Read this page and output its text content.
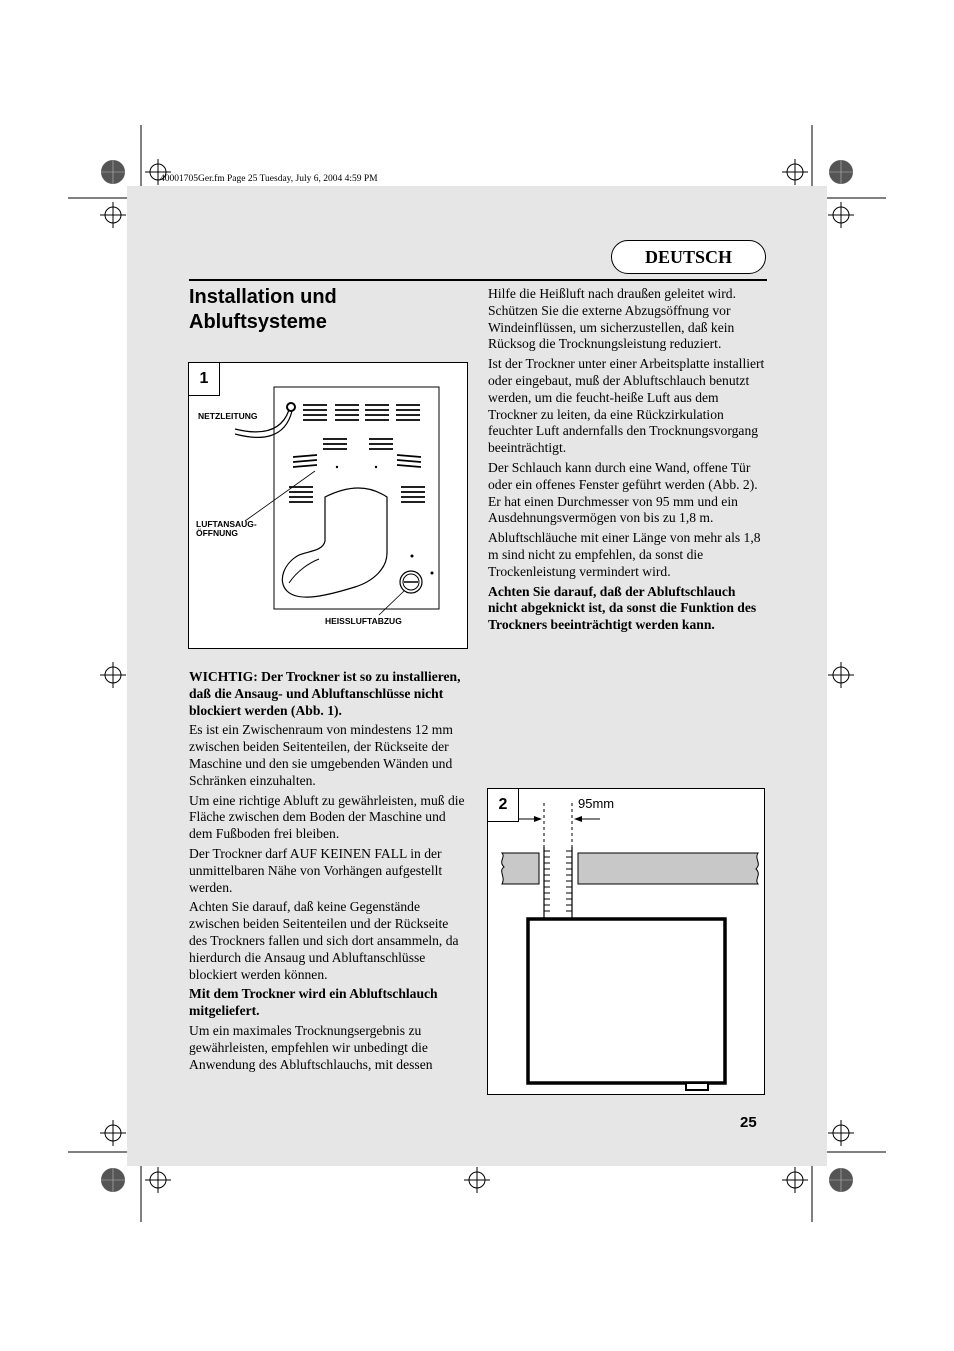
40001705Ger.fm Page 25 Tuesday, July 6, 2004 4:59 PM
DEUTSCH
Installation und Abluftsysteme
1
NETZLEITUNG
LUFTANSAUG-
ÖFFNUNG
HEISSLUFTABZUG

WICHTIG: Der Trockner ist so zu installieren, daß die Ansaug- und Abluftanschlüsse nicht blockiert werden (Abb. 1).

Es ist ein Zwischenraum von mindestens 12 mm zwischen beiden Seitenteilen, der Rückseite der Maschine und den sie umgebenden Wänden und Schränken einzuhalten.

Um eine richtige Abluft zu gewährleisten, muß die Fläche zwischen dem Boden der Maschine und dem Fußboden frei bleiben.

Der Trockner darf AUF KEINEN FALL in der unmittelbaren Nähe von Vorhängen aufgestellt werden.

Achten Sie darauf, daß keine Gegenstände zwischen beiden Seitenteilen und der Rückseite des Trockners fallen und sich dort ansammeln, da hierdurch die Ansaug und Abluftanschlüsse blockiert werden können.

Mit dem Trockner wird ein Abluftschlauch mitgeliefert.

Um ein maximales Trocknungsergebnis zu gewährleisten, empfehlen wir unbedingt die Anwendung des Abluftschlauchs, mit dessen

Hilfe die Heißluft nach draußen geleitet wird. Schützen Sie die externe Abzugsöffnung vor Windeinflüssen, um sicherzustellen, daß kein Rücksog die Trocknungsleistung reduziert.

Ist der Trockner unter einer Arbeitsplatte installiert oder eingebaut, muß der Abluftschlauch benutzt werden, um die feucht-heiße Luft aus dem Trockner zu leiten, da eine Rückzirkulation feuchter Luft andernfalls den Trocknungsvorgang beeinträchtigt.

Der Schlauch kann durch eine Wand, offene Tür oder ein offenes Fenster geführt werden (Abb. 2). Er hat einen Durchmesser von 95 mm und ein Ausdehnungsvermögen von bis zu 1,8 m.

Abluftschläuche mit einer Länge von mehr als 1,8 m sind nicht zu empfehlen, da sonst die Trockenleistung vermindert wird.

Achten Sie darauf, daß der Abluftschlauch nicht abgeknickt ist, da sonst die Funktion des Trockners beeinträchtigt werden kann.

2	95mm
25
